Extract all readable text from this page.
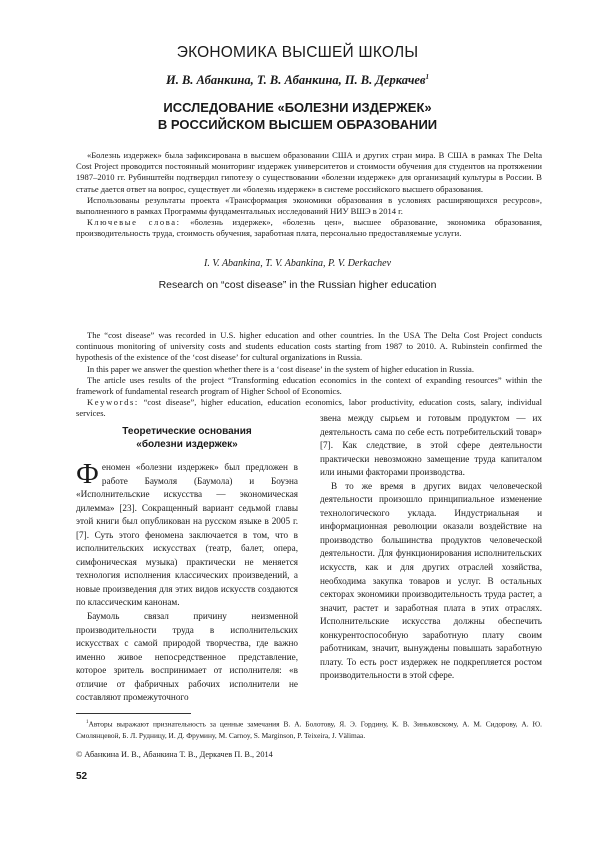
ЭКОНОМИКА ВЫСШЕЙ ШКОЛЫ
И. В. Абанкина, Т. В. Абанкина, П. В. Деркачев$^1$
ИССЛЕДОВАНИЕ «БОЛЕЗНИ ИЗДЕРЖЕК»
В РОССИЙСКОМ ВЫСШЕМ ОБРАЗОВАНИИ

«Болезнь издержек» была зафиксирована в высшем образовании США и других стран мира. В США в рамках The Delta Cost Project проводится постоянный мониторинг издержек университетов и стоимости обучения для студентов на протяжении 1987–2010 гг. Рубинштейн подтвердил гипотезу о существовании «болезни издержек» для организаций культуры в России. В статье дается ответ на вопрос, существует ли «болезнь издержек» в системе российского высшего образования.

Использованы результаты проекта «Трансформация экономики образования в условиях расширяющихся ресурсов», выполненного в рамках Программы фундаментальных исследований НИУ ВШЭ в 2014 г.

Ключевые слова: «болезнь издержек», «болезнь цен», высшее образование, экономика образования, производительность труда, стоимость обучения, заработная плата, персонально предоставляемые услуги.

I. V. Abankina, T. V. Abankina, P. V. Derkachev
Research on “cost disease” in the Russian higher education

The “cost disease” was recorded in U.S. higher education and other countries. In the USA The Delta Cost Project conducts continuous monitoring of university costs and students education costs starting from 1987 to 2010. A. Rubinstein confirmed the hypothesis of the existence of the ‘cost disease’ for cultural organizations in Russia.

In this paper we answer the question whether there is a ‘cost disease’ in the system of higher education in Russia.

The article uses results of the project “Transforming education economics in the context of expanding resources” within the framework of fundamental research program of Higher School of Economics.

Keywords: “cost disease”, higher education, education economics, labor productivity, education costs, salary, individual services.

Теоретические основания
«болезни издержек»

Феномен «болезни издержек» был предложен в работе Баумоля (Баумола) и Боуэна «Исполнительские искусства — экономическая дилемма» [23]. Сокращенный вариант седьмой главы этой книги был опубликован на русском языке в 2005 г. [7]. Суть этого феномена заключается в том, что в исполнительских искусствах (театр, балет, опера, симфоническая музыка) практически не меняется технология исполнения классических произведений, а новые произведения для этих видов искусств создаются по классическим канонам.

Баумоль связал причину неизменной производительности труда в исполнительских искусствах с самой природой творчества, где важно именно живое непосредственное представление, которое зритель воспринимает от исполнителя: «в отличие от фабричных рабочих исполнители не составляют промежуточного

звена между сырьем и готовым продуктом — их деятельность сама по себе есть потребительский товар» [7]. Как следствие, в этой сфере деятельности практически невозможно замещение труда капиталом или иными факторами производства.

В то же время в других видах человеческой деятельности произошло принципиальное изменение технологического уклада. Индустриальная и информационная революции оказали воздействие на производство большинства продуктов человеческой деятельности. Для функционирования исполнительских искусств, как и для других отраслей хозяйства, необходима закупка товаров и услуг. В остальных секторах экономики производительность труда растет, а значит, растет и заработная плата в этих отраслях. Исполнительские искусства должны обеспечить конкурентоспособную заработную плату своим работникам, значит, вынуждены повышать заработную плату. То есть рост издержек не подкрепляется ростом производительности в этой сфере.

$^1$Авторы выражают признательность за ценные замечания В. А. Болотову, Я. Э. Гордину, К. В. Зиньковскому, А. М. Сидорову, А. Ю. Смолянцевой, Б. Л. Рудницу, И. Д. Фрумину, M. Carnoy, S. Marginson, P. Teixeira, J. Välimaa.

© Абанкина И. В., Абанкина Т. В., Деркачев П. В., 2014
52
